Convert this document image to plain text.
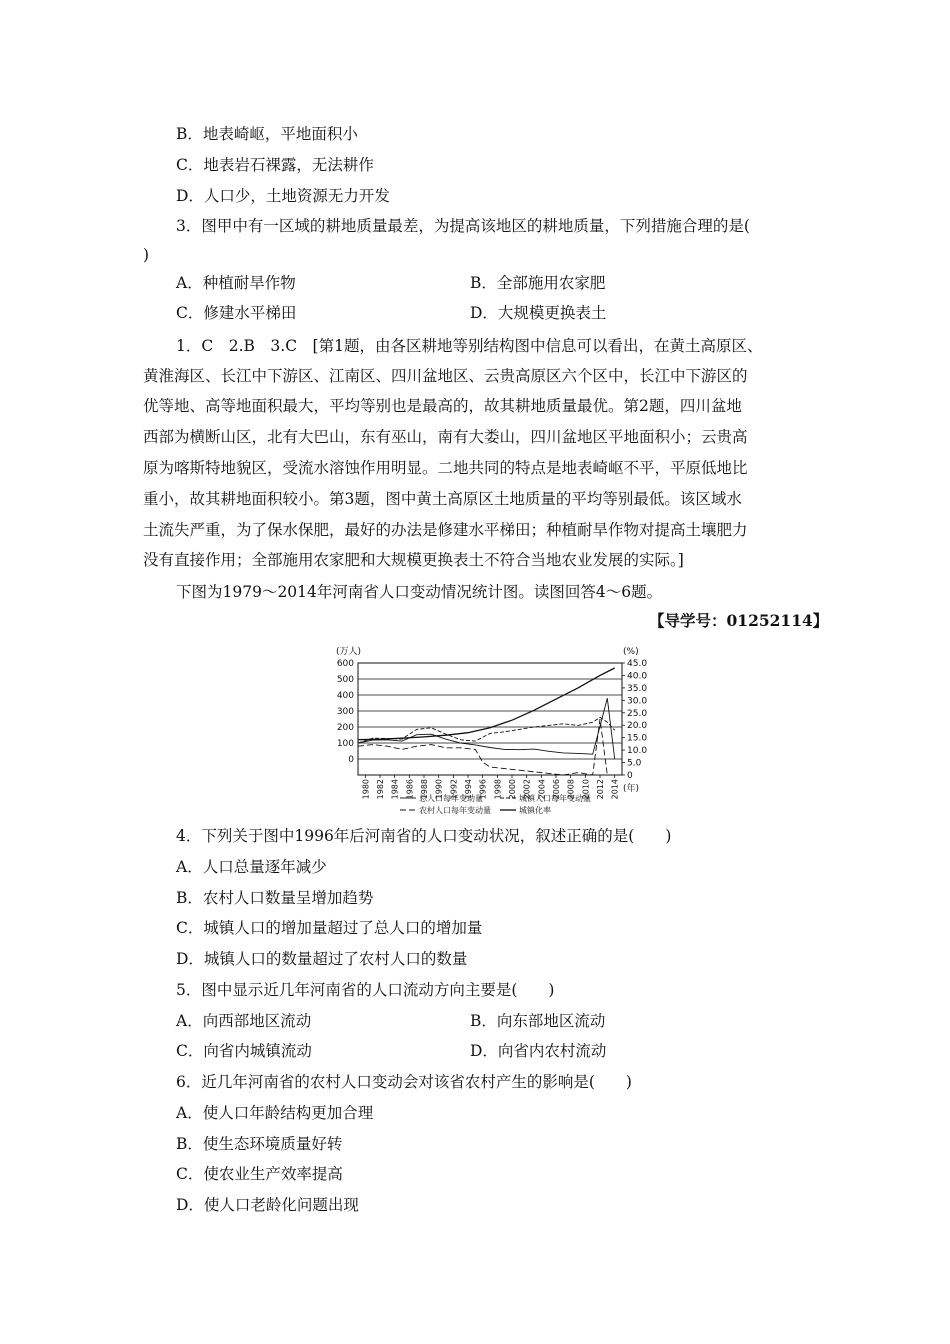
B．地表崎岖，平地面积小
C．地表岩石裸露，无法耕作
D．人口少，土地资源无力开发
3．图甲中有一区域的耕地质量最差，为提高该地区的耕地质量，下列措施合理的是(
)
A．种植耐旱作物	B．全部施用农家肥
C．修建水平梯田	D．大规模更换表土
1．C　2.B　3.C　[第1题，由各区耕地等别结构图中信息可以看出，在黄土高原区、
黄淮海区、长江中下游区、江南区、四川盆地区、云贵高原区六个区中，长江中下游区的
优等地、高等地面积最大，平均等别也是最高的，故其耕地质量最优。第2题，四川盆地
西部为横断山区，北有大巴山，东有巫山，南有大娄山，四川盆地区平地面积小；云贵高
原为喀斯特地貌区，受流水溶蚀作用明显。二地共同的特点是地表崎岖不平，平原低地比
重小，故其耕地面积较小。第3题，图中黄土高原区土地质量的平均等别最低。该区域水
土流失严重，为了保水保肥，最好的办法是修建水平梯田；种植耐旱作物对提高土壤肥力
没有直接作用；全部施用农家肥和大规模更换表土不符合当地农业发展的实际。]
下图为1979～2014年河南省人口变动情况统计图。读图回答4～6题。
【导学号：01252114】
(万人)	(%)
600
500
400
300
200
100
0
45.0
40.0
35.0
30.0
25.0
20.0
15.0
10.0
5.0
0
1980 1982 1984 1986 1988 1990 1992 1994 1996 1998 2000 2002 2004 2006 2008 2010 2012 2014 (年)
总人口每年变动量	城镇人口每年变动量
农村人口每年变动量	城镇化率
4．下列关于图中1996年后河南省的人口变动状况，叙述正确的是(　　)
A．人口总量逐年减少
B．农村人口数量呈增加趋势
C．城镇人口的增加量超过了总人口的增加量
D．城镇人口的数量超过了农村人口的数量
5．图中显示近几年河南省的人口流动方向主要是(　　)
A．向西部地区流动	B．向东部地区流动
C．向省内城镇流动	D．向省内农村流动
6．近几年河南省的农村人口变动会对该省农村产生的影响是(　　)
A．使人口年龄结构更加合理
B．使生态环境质量好转
C．使农业生产效率提高
D．使人口老龄化问题出现
